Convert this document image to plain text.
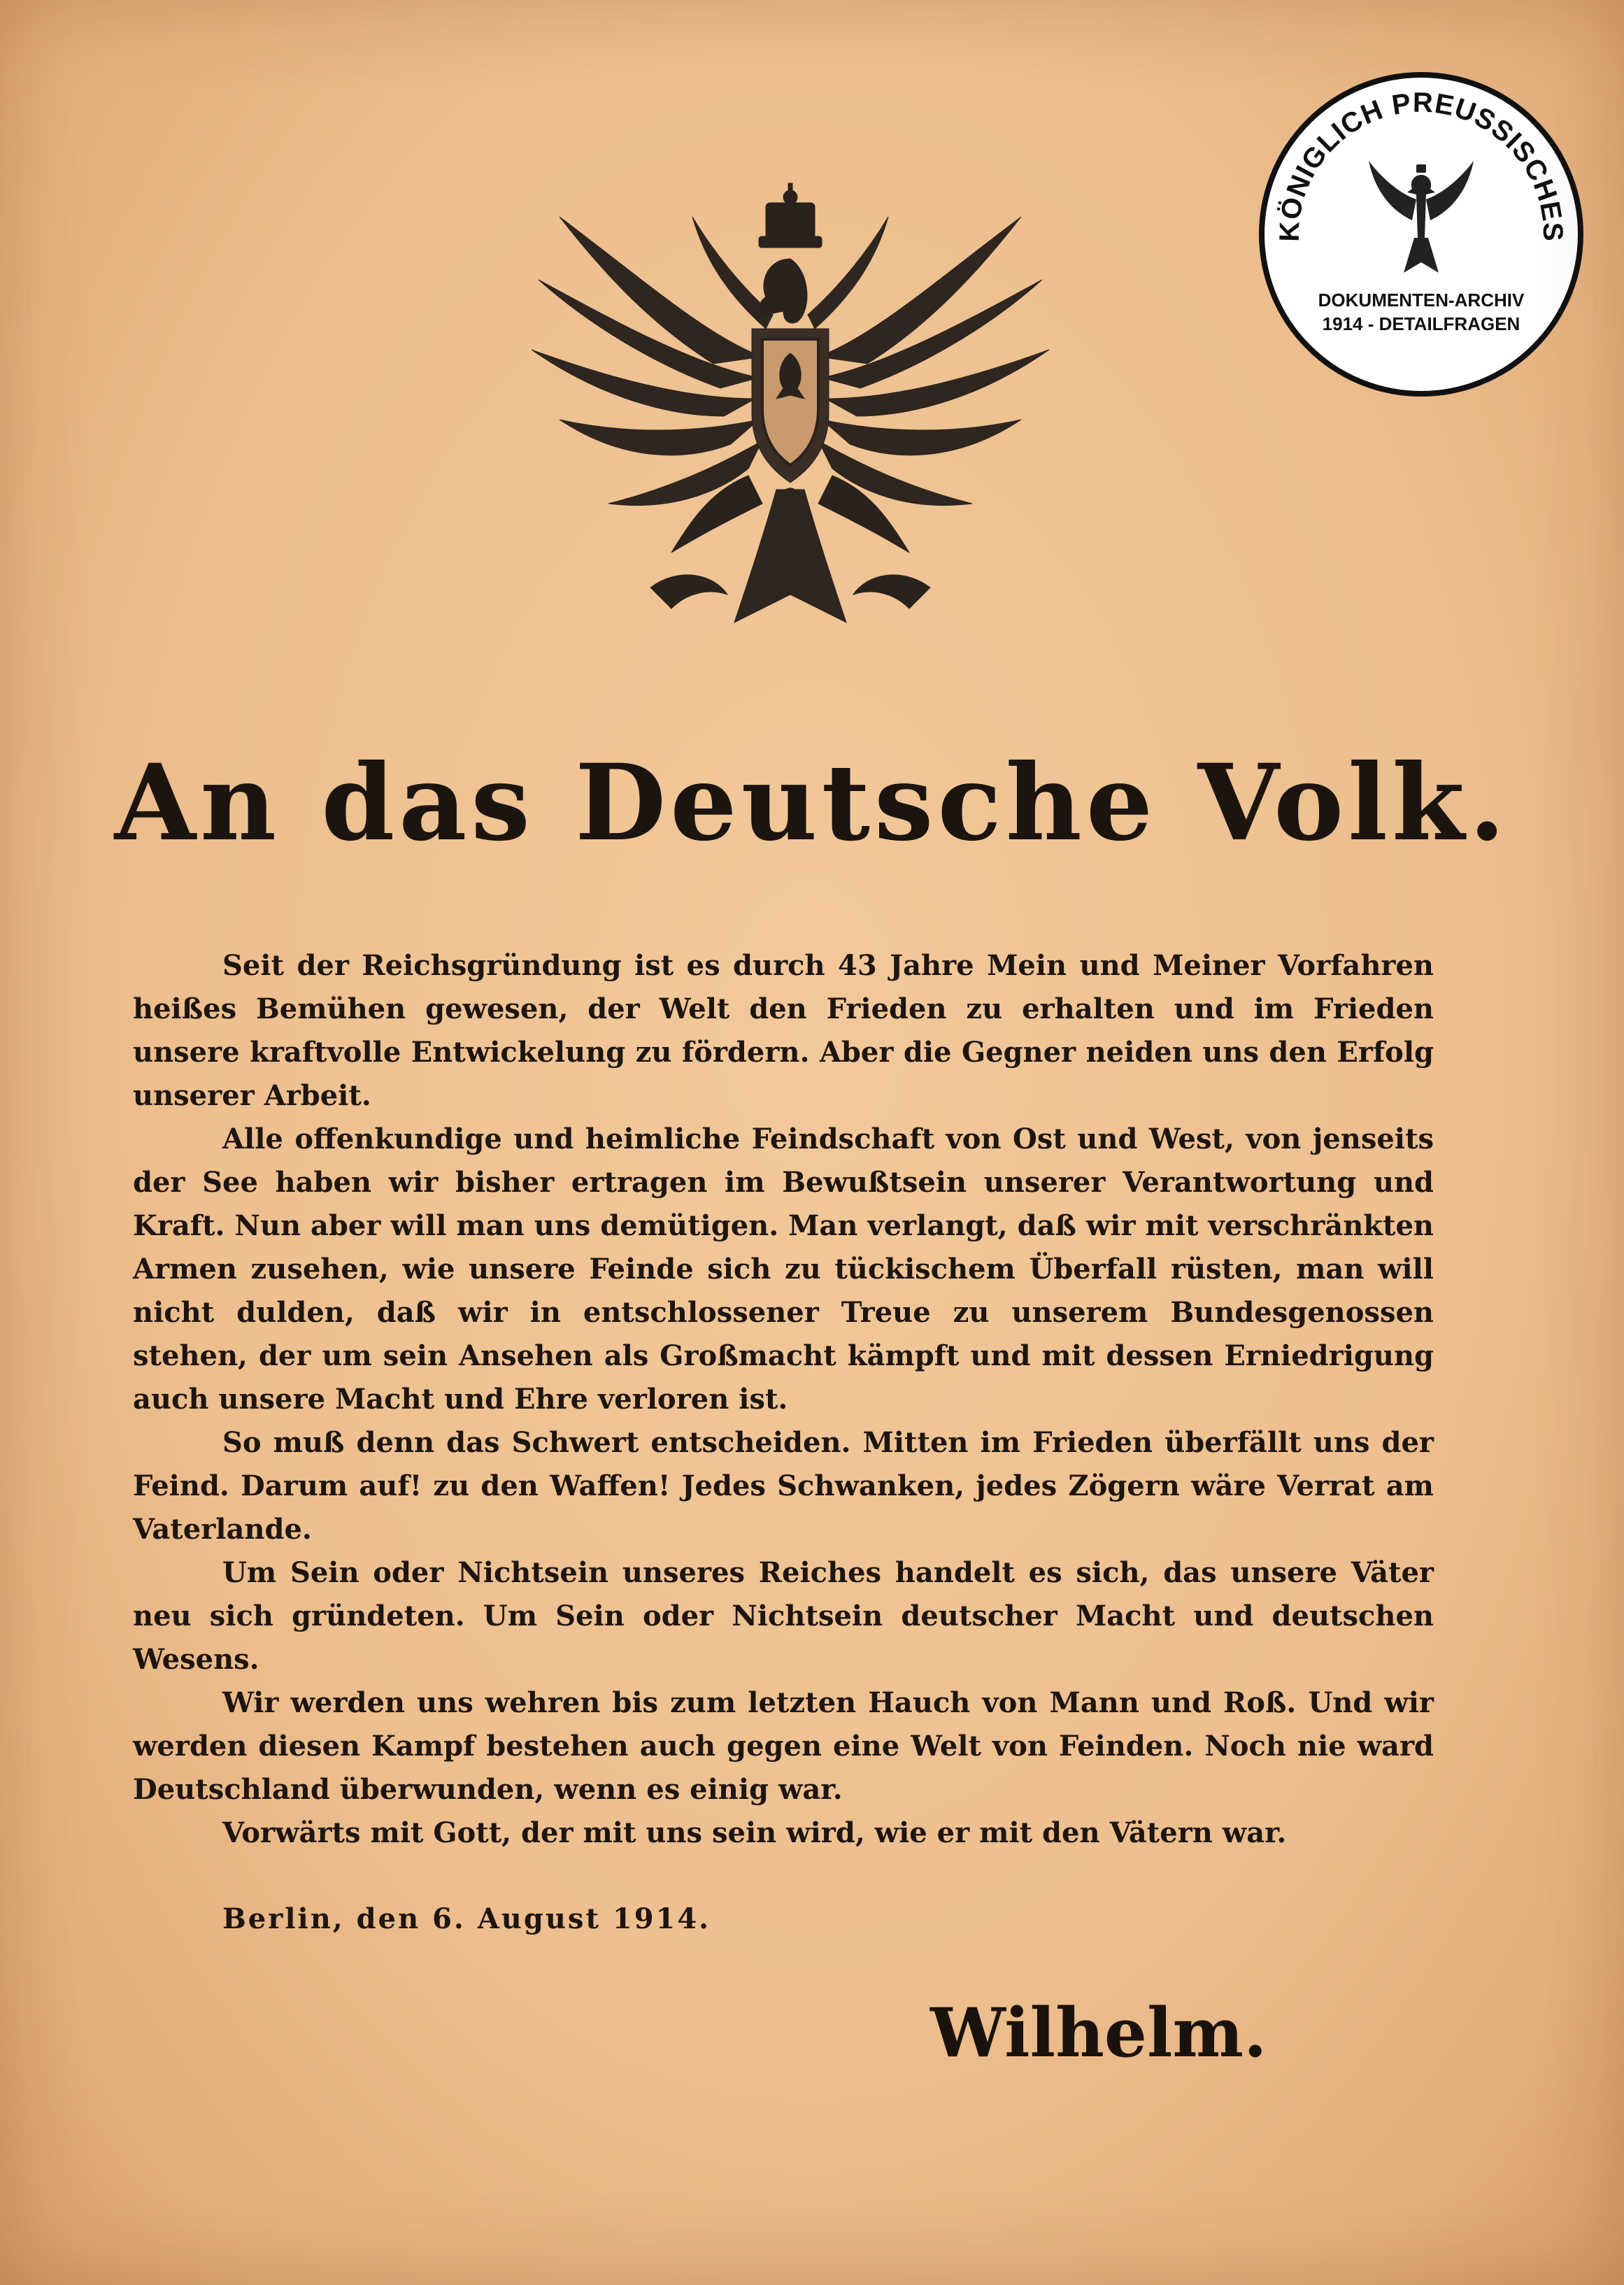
KÖNIGLICH PREUSSISCHES
DOKUMENTEN-ARCHIV
1914 - DETAILFRAGEN
An das Deutsche Volk.

Seit der Reichsgründung ist es durch 43 Jahre Mein und Meiner Vorfahren heißes Bemühen gewesen, der Welt den Frieden zu erhalten und im Frieden unsere kraftvolle Entwickelung zu fördern. Aber die Gegner neiden uns den Erfolg unserer Arbeit.

Alle offenkundige und heimliche Feindschaft von Ost und West, von jenseits der See haben wir bisher ertragen im Bewußtsein unserer Verantwortung und Kraft. Nun aber will man uns demütigen. Man verlangt, daß wir mit verschränkten Armen zusehen, wie unsere Feinde sich zu tückischem Überfall rüsten, man will nicht dulden, daß wir in entschlossener Treue zu unserem Bundesgenossen stehen, der um sein Ansehen als Großmacht kämpft und mit dessen Erniedrigung auch unsere Macht und Ehre verloren ist.

So muß denn das Schwert entscheiden. Mitten im Frieden überfällt uns der Feind. Darum auf! zu den Waffen! Jedes Schwanken, jedes Zögern wäre Verrat am Vaterlande.

Um Sein oder Nichtsein unseres Reiches handelt es sich, das unsere Väter neu sich gründeten. Um Sein oder Nichtsein deutscher Macht und deutschen Wesens.

Wir werden uns wehren bis zum letzten Hauch von Mann und Roß. Und wir werden diesen Kampf bestehen auch gegen eine Welt von Feinden. Noch nie ward Deutschland überwunden, wenn es einig war.

Vorwärts mit Gott, der mit uns sein wird, wie er mit den Vätern war.

Berlin, den 6. August 1914.
Wilhelm.
